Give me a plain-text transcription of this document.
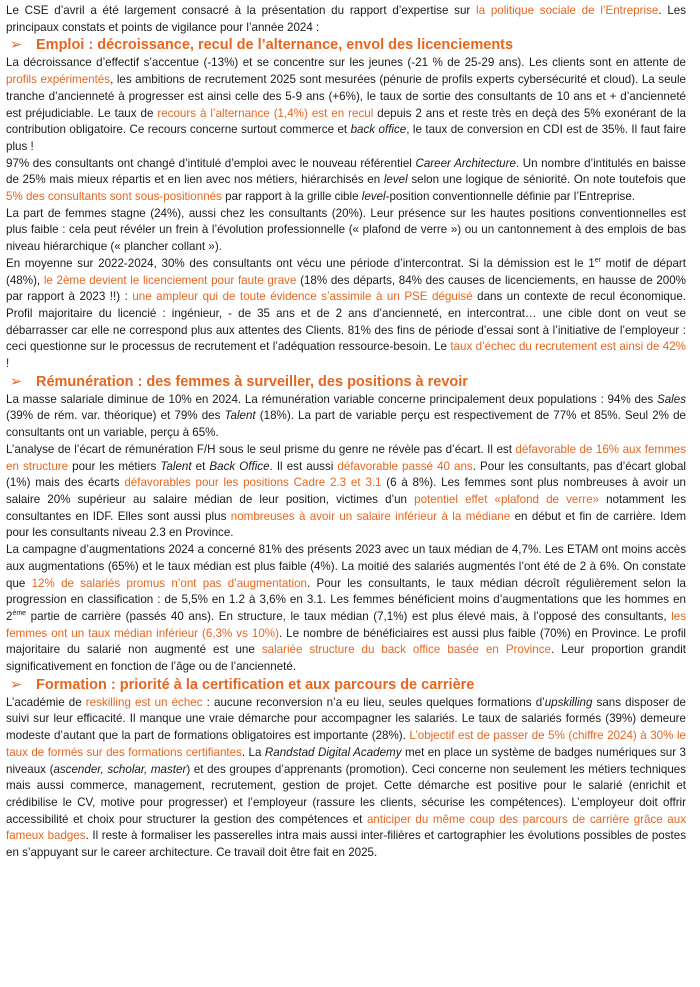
Le CSE d’avril a été largement consacré à la présentation du rapport d’expertise sur la politique sociale de l’Entreprise. Les principaux constats et points de vigilance pour l’année 2024 :

➢ Emploi : décroissance, recul de l’alternance, envol des licenciements

La décroissance d’effectif s’accentue (-13%) et se concentre sur les jeunes (-21 % de 25-29 ans). Les clients sont en attente de profils expérimentés, les ambitions de recrutement 2025 sont mesurées (pénurie de profils experts cybersécurité et cloud). La seule tranche d’ancienneté à progresser est ainsi celle des 5-9 ans (+6%), le taux de sortie des consultants de 10 ans et + d’ancienneté est préjudiciable. Le taux de recours à l’alternance (1,4%) est en recul depuis 2 ans et reste très en deçà des 5% exonérant de la contribution obligatoire. Ce recours concerne surtout commerce et back office, le taux de conversion en CDI est de 35%. Il faut faire plus !

97% des consultants ont changé d’intitulé d’emploi avec le nouveau référentiel Career Architecture. Un nombre d’intitulés en baisse de 25% mais mieux répartis et en lien avec nos métiers, hiérarchisés en level selon une logique de séniorité. On note toutefois que 5% des consultants sont sous-positionnés par rapport à la grille cible level-position conventionnelle définie par l’Entreprise.

La part de femmes stagne (24%), aussi chez les consultants (20%). Leur présence sur les hautes positions conventionnelles est plus faible : cela peut révéler un frein à l’évolution professionnelle (« plafond de verre ») ou un cantonnement à des emplois de bas niveau hiérarchique (« plancher collant »).

En moyenne sur 2022-2024, 30% des consultants ont vécu une période d’intercontrat. Si la démission est le 1er motif de départ (48%), le 2ème devient le licenciement pour faute grave (18% des départs, 84% des causes de licenciements, en hausse de 200% par rapport à 2023 !!) : une ampleur qui de toute évidence s’assimile à un PSE déguisé dans un contexte de recul économique. Profil majoritaire du licencié : ingénieur, - de 35 ans et de 2 ans d’ancienneté, en intercontrat… une cible dont on veut se débarrasser car elle ne correspond plus aux attentes des Clients. 81% des fins de période d’essai sont à l’initiative de l’employeur : ceci questionne sur le processus de recrutement et l’adéquation ressource-besoin. Le taux d’échec du recrutement est ainsi de 42% !

➢ Rémunération : des femmes à surveiller, des positions à revoir

La masse salariale diminue de 10% en 2024. La rémunération variable concerne principalement deux populations : 94% des Sales (39% de rém. var. théorique) et 79% des Talent (18%). La part de variable perçu est respectivement de 77% et 85%. Seul 2% de consultants ont un variable, perçu à 65%.

L’analyse de l’écart de rémunération F/H sous le seul prisme du genre ne révèle pas d’écart. Il est défavorable de 16% aux femmes en structure pour les métiers Talent et Back Office. Il est aussi défavorable passé 40 ans. Pour les consultants, pas d’écart global (1%) mais des écarts défavorables pour les positions Cadre 2.3 et 3.1 (6 à 8%). Les femmes sont plus nombreuses à avoir un salaire 20% supérieur au salaire médian de leur position, victimes d’un potentiel effet «plafond de verre» notamment les consultantes en IDF. Elles sont aussi plus nombreuses à avoir un salaire inférieur à la médiane en début et fin de carrière. Idem pour les consultants niveau 2.3 en Province.

La campagne d’augmentations 2024 a concerné 81% des présents 2023 avec un taux médian de 4,7%. Les ETAM ont moins accès aux augmentations (65%) et le taux médian est plus faible (4%). La moitié des salariés augmentés l’ont été de 2 à 6%. On constate que 12% de salariés promus n’ont pas d’augmentation. Pour les consultants, le taux médian décroît régulièrement selon la progression en classification : de 5,5% en 1.2 à 3,6% en 3.1. Les femmes bénéficient moins d’augmentations que les hommes en 2ème partie de carrière (passés 40 ans). En structure, le taux médian (7,1%) est plus élevé mais, à l’opposé des consultants, les femmes ont un taux médian inférieur (6,3% vs 10%). Le nombre de bénéficiaires est aussi plus faible (70%) en Province. Le profil majoritaire du salarié non augmenté est une salariée structure du back office basée en Province. Leur proportion grandit significativement en fonction de l’âge ou de l’ancienneté.

➢ Formation : priorité à la certification et aux parcours de carrière

L’académie de reskilling est un échec : aucune reconversion n’a eu lieu, seules quelques formations d’upskilling sans disposer de suivi sur leur efficacité. Il manque une vraie démarche pour accompagner les salariés. Le taux de salariés formés (39%) demeure modeste d’autant que la part de formations obligatoires est importante (28%). L’objectif est de passer de 5% (chiffre 2024) à 30% le taux de formés sur des formations certifiantes. La Randstad Digital Academy met en place un système de badges numériques sur 3 niveaux (ascender, scholar, master) et des groupes d’apprenants (promotion). Ceci concerne non seulement les métiers techniques mais aussi commerce, management, recrutement, gestion de projet. Cette démarche est positive pour le salarié (enrichit et crédibilise le CV, motive pour progresser) et l’employeur (rassure les clients, sécurise les compétences). L’employeur doit offrir accessibilité et choix pour structurer la gestion des compétences et anticiper du même coup des parcours de carrière grâce aux fameux badges. Il reste à formaliser les passerelles intra mais aussi inter-filières et cartographier les évolutions possibles de postes en s’appuyant sur le career architecture. Ce travail doit être fait en 2025.
